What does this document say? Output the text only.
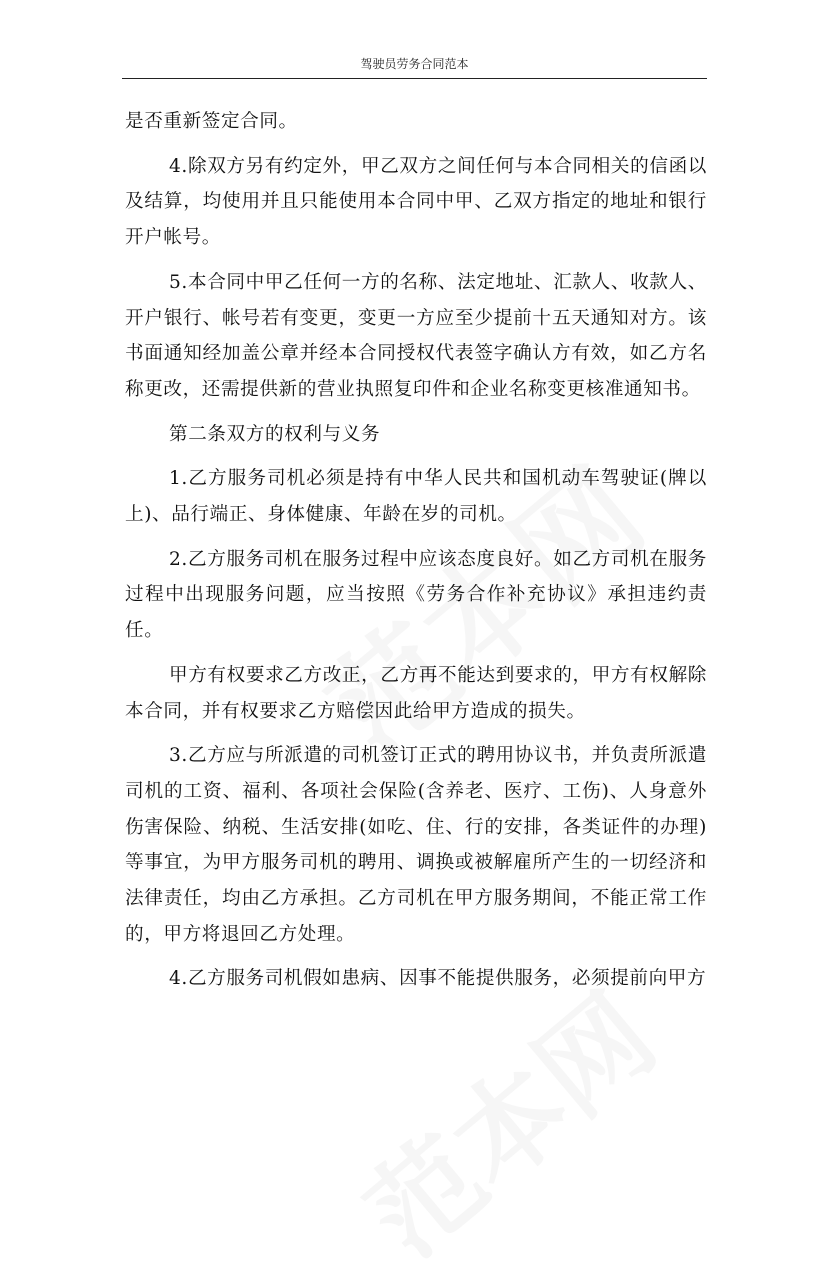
驾驶员劳务合同范本

是否重新签定合同。

4.除双方另有约定外，甲乙双方之间任何与本合同相关的信函以及结算，均使用并且只能使用本合同中甲、乙双方指定的地址和银行开户帐号。

5.本合同中甲乙任何一方的名称、法定地址、汇款人、收款人、开户银行、帐号若有变更，变更一方应至少提前十五天通知对方。该书面通知经加盖公章并经本合同授权代表签字确认方有效，如乙方名称更改，还需提供新的营业执照复印件和企业名称变更核准通知书。

第二条双方的权利与义务

1.乙方服务司机必须是持有中华人民共和国机动车驾驶证(牌以上)、品行端正、身体健康、年龄在岁的司机。

2.乙方服务司机在服务过程中应该态度良好。如乙方司机在服务过程中出现服务问题，应当按照《劳务合作补充协议》承担违约责任。

甲方有权要求乙方改正，乙方再不能达到要求的，甲方有权解除本合同，并有权要求乙方赔偿因此给甲方造成的损失。

3.乙方应与所派遣的司机签订正式的聘用协议书，并负责所派遣司机的工资、福利、各项社会保险(含养老、医疗、工伤)、人身意外伤害保险、纳税、生活安排(如吃、住、行的安排，各类证件的办理)等事宜，为甲方服务司机的聘用、调换或被解雇所产生的一切经济和法律责任，均由乙方承担。乙方司机在甲方服务期间，不能正常工作的，甲方将退回乙方处理。

4.乙方服务司机假如患病、因事不能提供服务，必须提前向甲方
